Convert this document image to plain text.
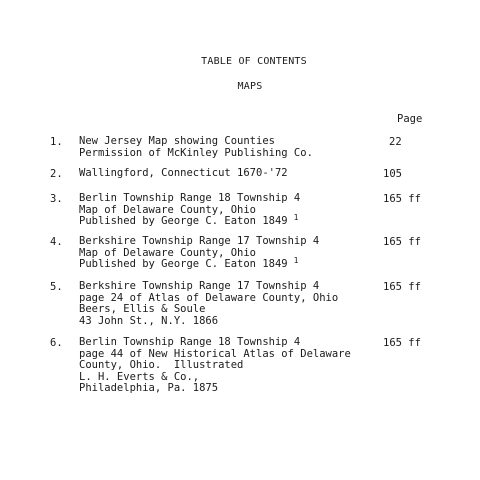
TABLE OF CONTENTS
MAPS
Page
1. New Jersey Map showing Counties
Permission of McKinley Publishing Co.
22
2. Wallingford, Connecticut 1670-'72	105
3. Berlin Township Range 18 Township 4
Map of Delaware County, Ohio
Published by George C. Eaton 1849 $^1$
165 ff
4. Berkshire Township Range 17 Township 4
Map of Delaware County, Ohio
Published by George C. Eaton 1849 $^1$
165 ff
5. Berkshire Township Range 17 Township 4
page 24 of Atlas of Delaware County, Ohio
Beers, Ellis & Soule
43 John St., N.Y. 1866
165 ff
6. Berlin Township Range 18 Township 4
page 44 of New Historical Atlas of Delaware
County, Ohio.  Illustrated
L. H. Everts & Co.,
Philadelphia, Pa. 1875
165 ff
